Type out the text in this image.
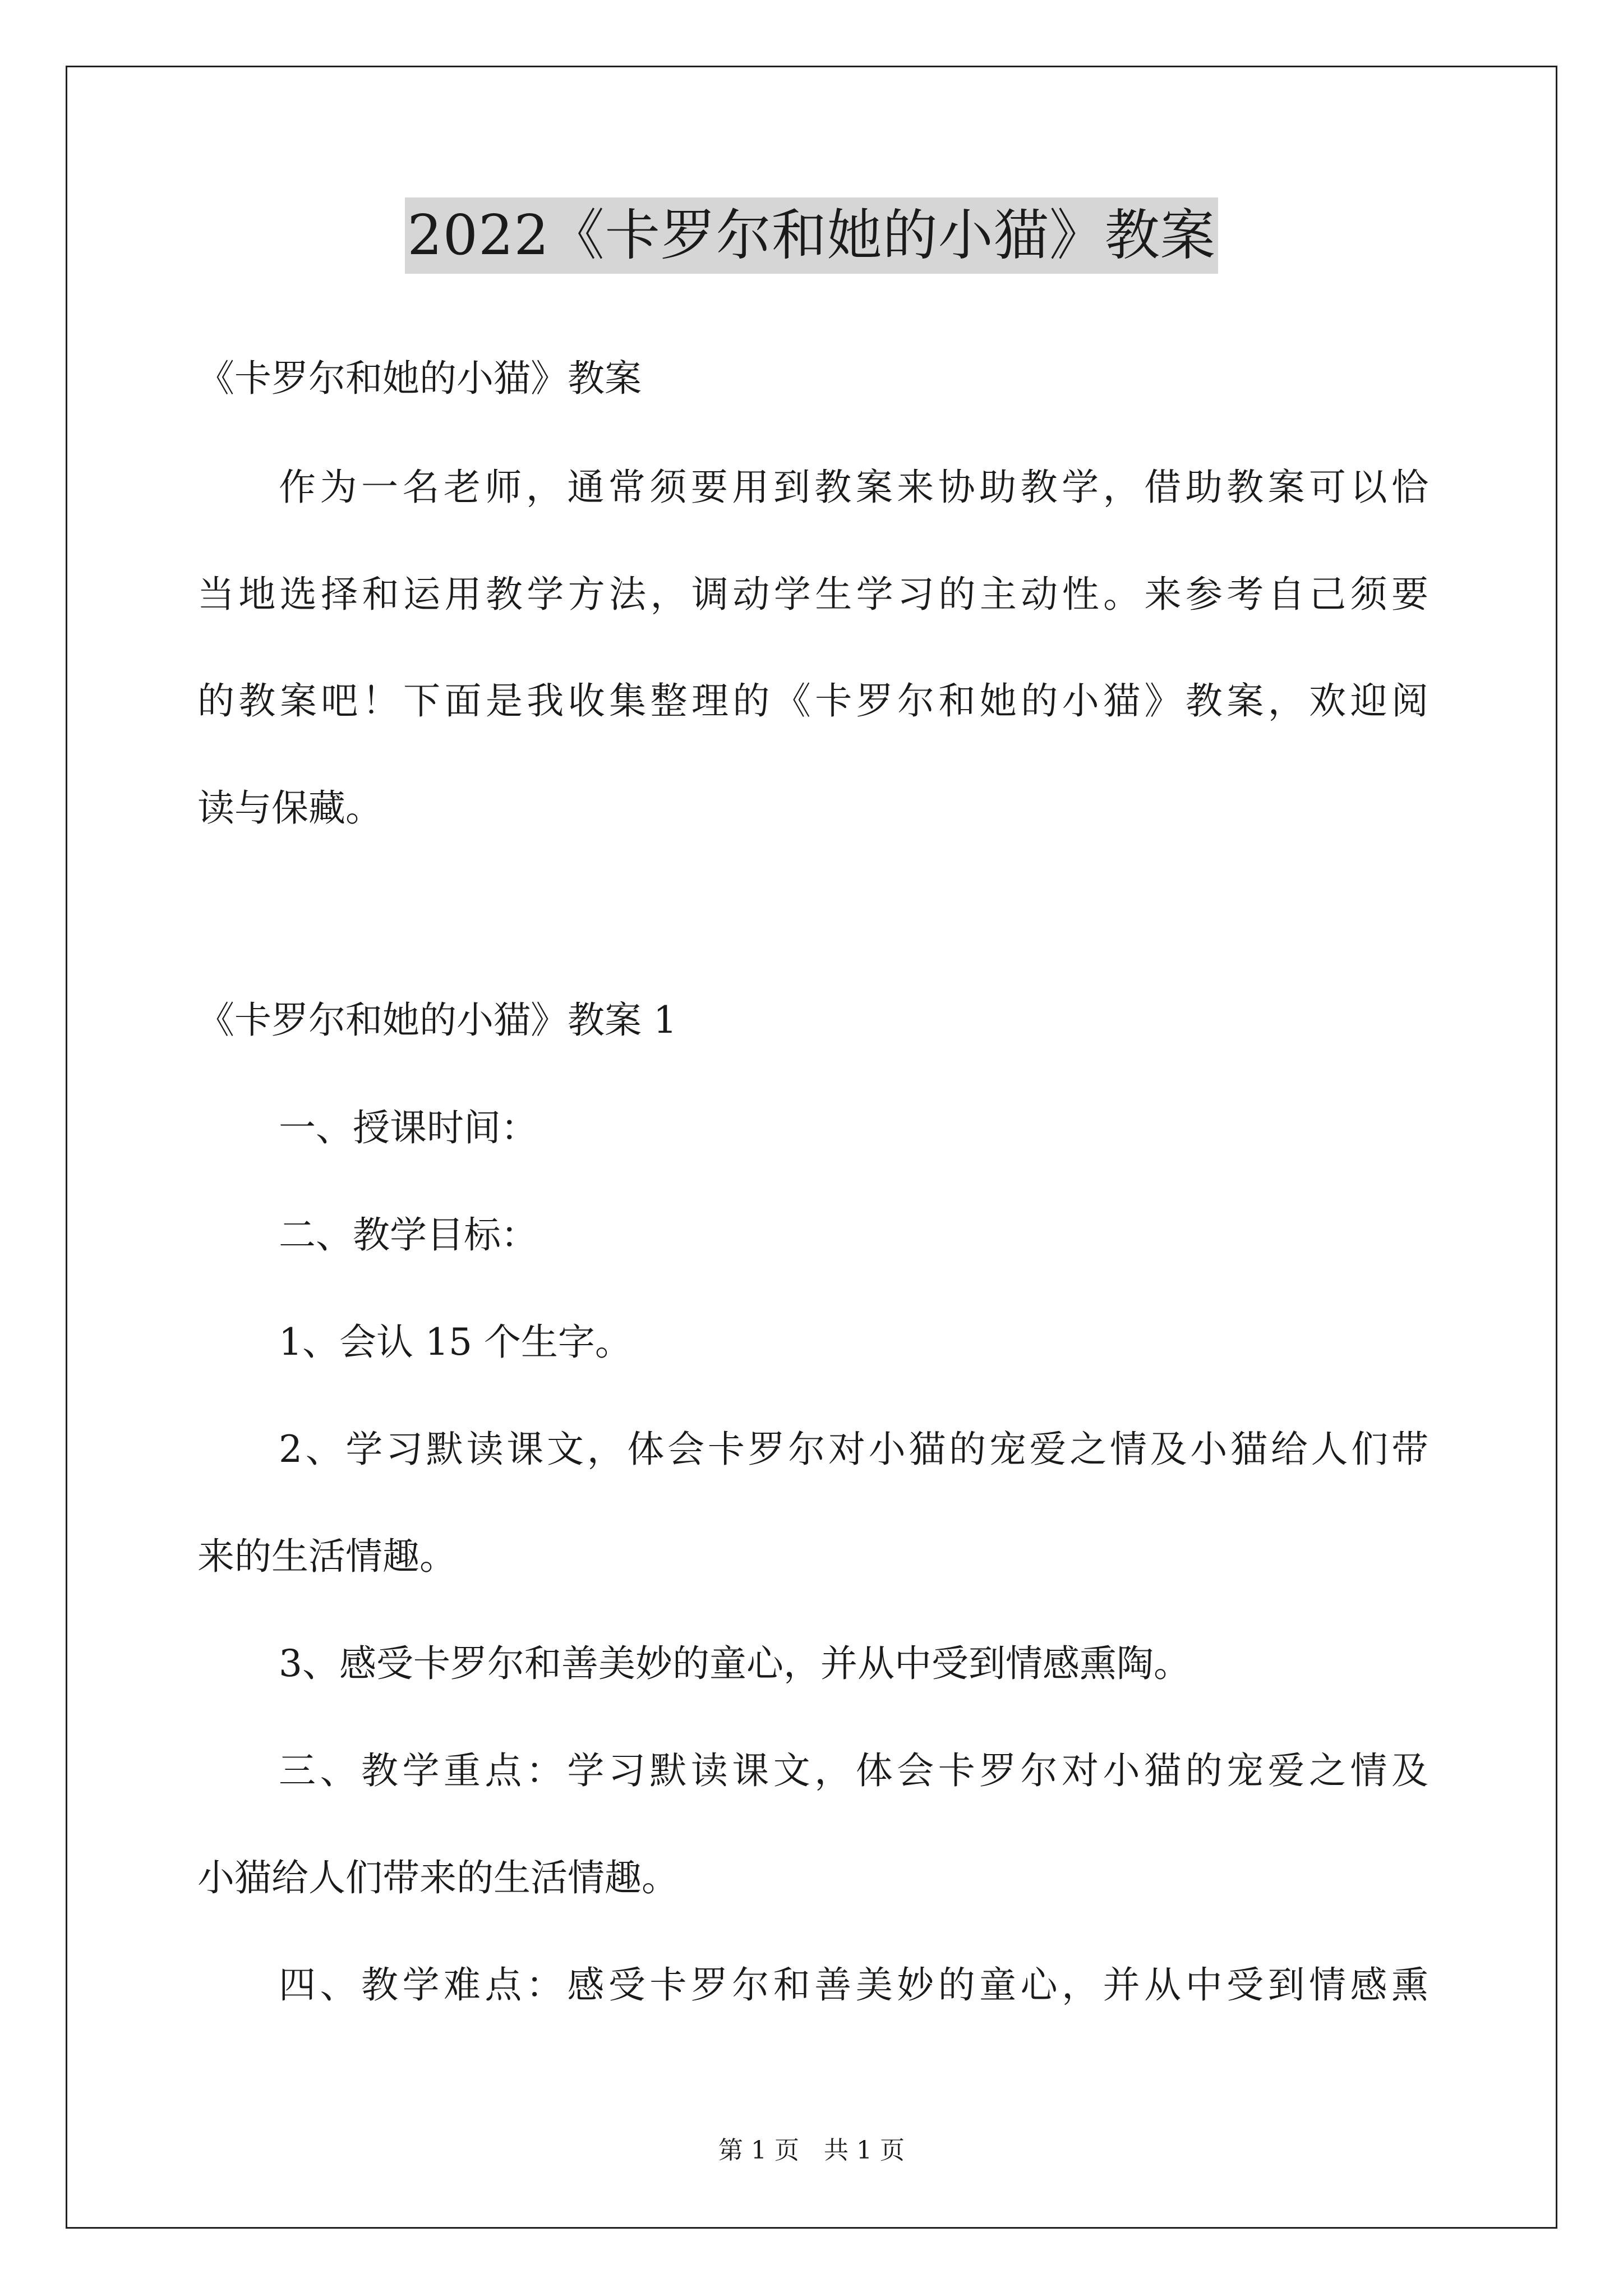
2022《卡罗尔和她的小猫》教案
《卡罗尔和她的小猫》教案
作为一名老师，通常须要用到教案来协助教学，借助教案可以恰
当地选择和运用教学方法，调动学生学习的主动性。来参考自己须要
的教案吧！下面是我收集整理的《卡罗尔和她的小猫》教案，欢迎阅
读与保藏。
《卡罗尔和她的小猫》教案 1
一、授课时间：
二、教学目标：
1、会认 15 个生字。
2、学习默读课文，体会卡罗尔对小猫的宠爱之情及小猫给人们带
来的生活情趣。
3、感受卡罗尔和善美妙的童心，并从中受到情感熏陶。
三、教学重点：学习默读课文，体会卡罗尔对小猫的宠爱之情及
小猫给人们带来的生活情趣。
四、教学难点：感受卡罗尔和善美妙的童心，并从中受到情感熏
第 1 页　共 1 页
